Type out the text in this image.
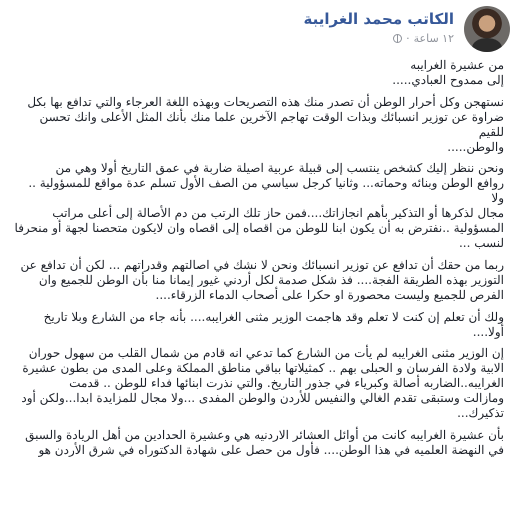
الكاتب محمد الغرايبة
١٢ ساعة
·
من عشيرة الغرايبه
إلى ممدوح العبادي.....
نستهجن وكل أحرار الوطن أن تصدر منك هذه التصريحات وبهذه اللغة العرجاء والتي تدافع بها بكل
ضراوة عن توزير انسبائك وبذات الوقت تهاجم الآخرين علما منك بأنك المثل الأعلى وانك تحسن للقيم
والوطن.....
ونحن ننظر إليك كشخص ينتسب إلى قبيلة عربية اصيلة ضاربة في عمق التاريخ أولا وهي من
روافع الوطن وبنائه وحماته... وثانيا كرجل سياسي من الصف الأول تسلم عدة مواقع للمسؤولية .. ولا
مجال لذكرها أو التذكير بأهم انجازاتك....فمن حاز تلك الرتب من دم الأصالة إلى أعلى مراتب
المسؤولية ..نفترض به أن يكون ابنا للوطن من اقصاه إلى اقصاه وان لايكون متحصنا لجهة أو منحرفا
لنسب ...
ربما من حقك أن تدافع عن توزير انسبائك ونحن لا نشك في اصالتهم وقدراتهم ... لكن أن تدافع عن
التوزير بهذه الطريقة الفجة.... فذ شكل صدمة لكل أردني غيور إيمانا منا بأن الوطن للجميع وان
الفرص للجميع وليست محصورة او حكرا على أصحاب الدماء الزرقاء....
ولك أن تعلم إن كنت لا تعلم وقد هاجمت الوزير مثنى الغرايبه.... بأنه جاء من الشارع وبلا تاريخ
أولا....
إن الوزير مثنى الغرايبه لم يأت من الشارع كما تدعي انه قادم من شمال القلب من سهول حوران
الابية ولادة الفرسان و الحبلى بهم .. كمثيلاتها بباقي مناطق المملكة وعلى المدى من بطون عشيرة
الغرايبه..الضاربه أصالة وكبرياء في جذور التاريخ. والتي نذرت ابنائها فداء للوطن .. قدمت
ومازالت وستبقى تقدم الغالي والنفيس للأردن والوطن المفدى ...ولا مجال للمزايدة ابدا...ولكن أود
تذكيرك...
بأن عشيرة الغرايبه كانت من أوائل العشائر الاردنيه هي وعشيرة الحدادين من أهل الريادة والسبق
في النهضة العلميه في هذا الوطن.... فأول من حصل على شهادة الدكتوراه في شرق الأردن هو
